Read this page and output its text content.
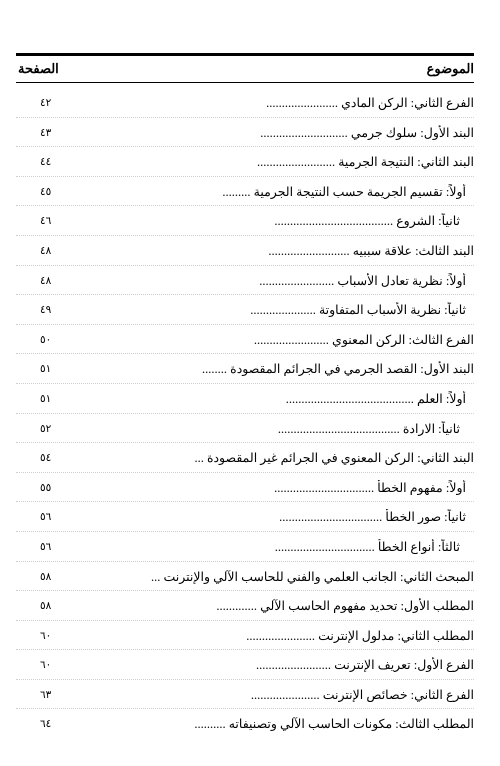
الموضوع
الصفحة
الفرع الثاني: الركن المادي .......................
٤٢
البند الأول: سلوك جرمي ............................
٤٣
البند الثاني: النتيجة الجرمية .........................
٤٤
أولاً: تقسيم الجريمة حسب النتيجة الجرمية .........
٤٥
ثانياً: الشروع ......................................
٤٦
البند الثالث: علاقة سببيه ..........................
٤٨
أولاً: نظرية تعادل الأسباب ........................
٤٨
ثانياً: نظرية الأسباب المتفاوتة .....................
٤٩
الفرع الثالث: الركن المعنوي ........................
٥٠
البند الأول: القصد الجرمي في الجرائم المقصودة ........
٥١
أولاً: العلم .........................................
٥١
ثانياً: الارادة .......................................
٥٢
البند الثاني: الركن المعنوي في الجرائم غير المقصودة ...
٥٤
أولاً: مفهوم الخطأ ................................
٥٥
ثانياً: صور الخطأ .................................
٥٦
ثالثاً: أنواع الخطأ ................................
٥٦
المبحث الثاني: الجانب العلمي والفني للحاسب الآلي والإنترنت ...
٥٨
المطلب الأول: تحديد مفهوم الحاسب الآلي .............
٥٨
المطلب الثاني: مدلول الإنترنت ......................
٦٠
الفرع الأول: تعريف الإنترنت ........................
٦٠
الفرع الثاني: خصائص الإنترنت ......................
٦٣
المطلب الثالث: مكونات الحاسب الآلي وتصنيفاته ..........
٦٤
